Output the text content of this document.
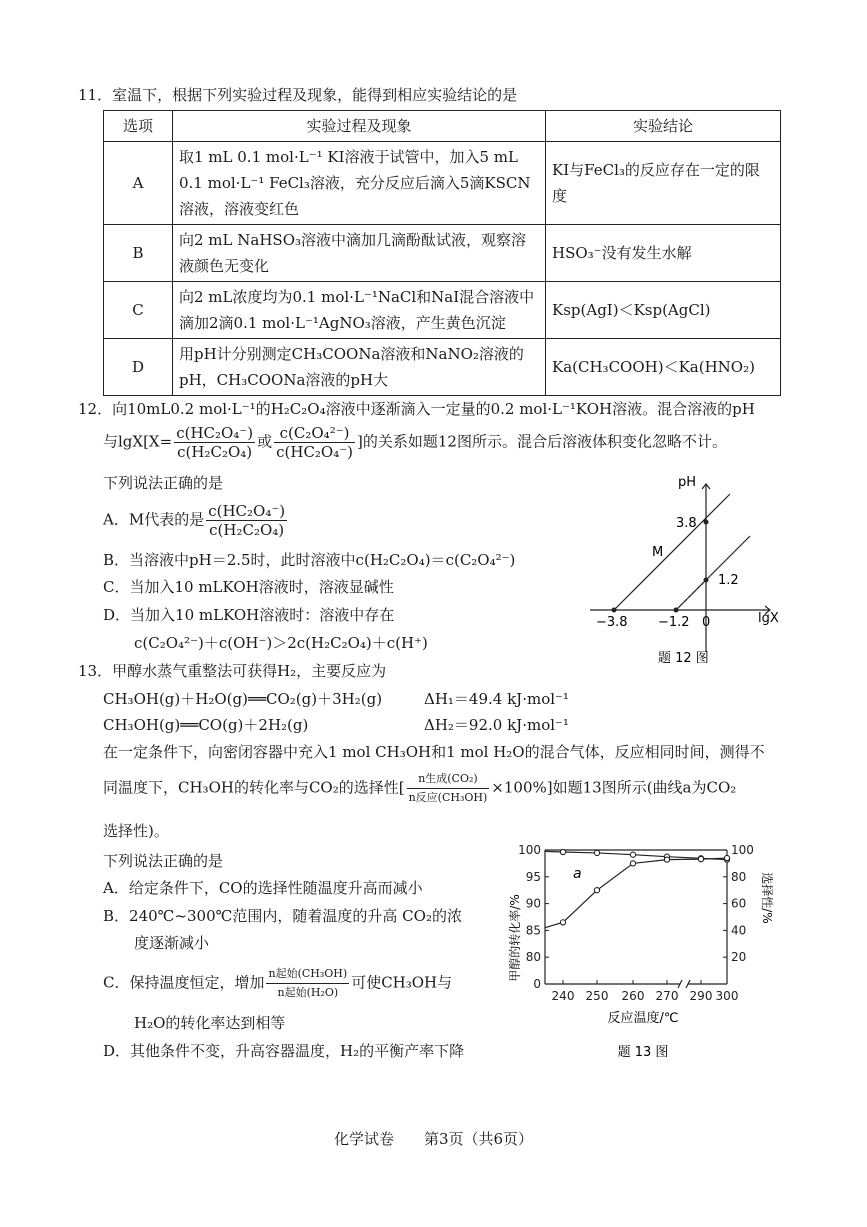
11．室温下，根据下列实验过程及现象，能得到相应实验结论的是
选项	实验过程及现象	实验结论
A	取1 mL 0.1 mol·L⁻¹ KI溶液于试管中，加入5 mL 0.1 mol·L⁻¹ FeCl₃溶液，充分反应后滴入5滴KSCN溶液，溶液变红色	KI与FeCl₃的反应存在一定的限度
B	向2 mL NaHSO₃溶液中滴加几滴酚酞试液，观察溶液颜色无变化	HSO₃⁻没有发生水解
C	向2 mL浓度均为0.1 mol·L⁻¹NaCl和NaI混合溶液中滴加2滴0.1 mol·L⁻¹AgNO₃溶液，产生黄色沉淀	Ksp(AgI)＜Ksp(AgCl)
D	用pH计分别测定CH₃COONa溶液和NaNO₂溶液的pH，CH₃COONa溶液的pH大	Ka(CH₃COOH)＜Ka(HNO₂)
12．向10mL0.2 mol·L⁻¹的H₂C₂O₄溶液中逐渐滴入一定量的0.2 mol·L⁻¹KOH溶液。混合溶液的pH
与$\lg X[X= \frac{\text{c(HC₂O₄⁻)}}{\text{c(H₂C₂O₄)}}$ 或 $\frac{\text{c(C₂O₄²⁻)}}{\text{c(HC₂O₄⁻)}}$ ]的关系如题12图所示。混合后溶液体积变化忽略不计。
下列说法正确的是
A．M代表的是 $\frac{\text{c(HC₂O₄⁻)}}{\text{c(H₂C₂O₄)}}$
B．当溶液中pH＝2.5时，此时溶液中c(H₂C₂O₄)＝c(C₂O₄²⁻)
C．当加入10 mLKOH溶液时，溶液显碱性
D．当加入10 mLKOH溶液时：溶液中存在
c(C₂O₄²⁻)＋c(OH⁻)＞2c(H₂C₂O₄)＋c(H⁺)
pH
lgX
3.8
1.2
M
−3.8 −1.2 0
题 12 图
13．甲醇水蒸气重整法可获得H₂，主要反应为
CH₃OH(g)＋H₂O(g)══CO₂(g)＋3H₂(g)	ΔH₁＝49.4 kJ·mol⁻¹
CH₃OH(g)══CO(g)＋2H₂(g)	ΔH₂＝92.0 kJ·mol⁻¹
在一定条件下，向密闭容器中充入1 mol CH₃OH和1 mol H₂O的混合气体，反应相同时间，测得不
同温度下，CH₃OH的转化率与CO₂的选择性[ $\frac{\text{n生成(CO₂)}}{\text{n反应(CH₃OH)}} \times 100\%$]如题13图所示(曲线a为CO₂
选择性)。
下列说法正确的是
A．给定条件下，CO的选择性随温度升高而减小
B．240℃~300℃范围内，随着温度的升高 CO₂的浓
度逐渐减小
C．保持温度恒定，增加 $\frac{\text{n起始(CH₃OH)}}{\text{n起始(H₂O)}}$ 可使CH₃OH与
H₂O的转化率达到相等
D．其他条件不变，升高容器温度，H₂的平衡产率下降
80
85
90
95
100
20
40
60
80
100
0
240 250 260 270 290 300
a
甲醇的转化率/%	选择性/%
反应温度/℃
题 13 图
化学试卷　　第3页（共6页）
